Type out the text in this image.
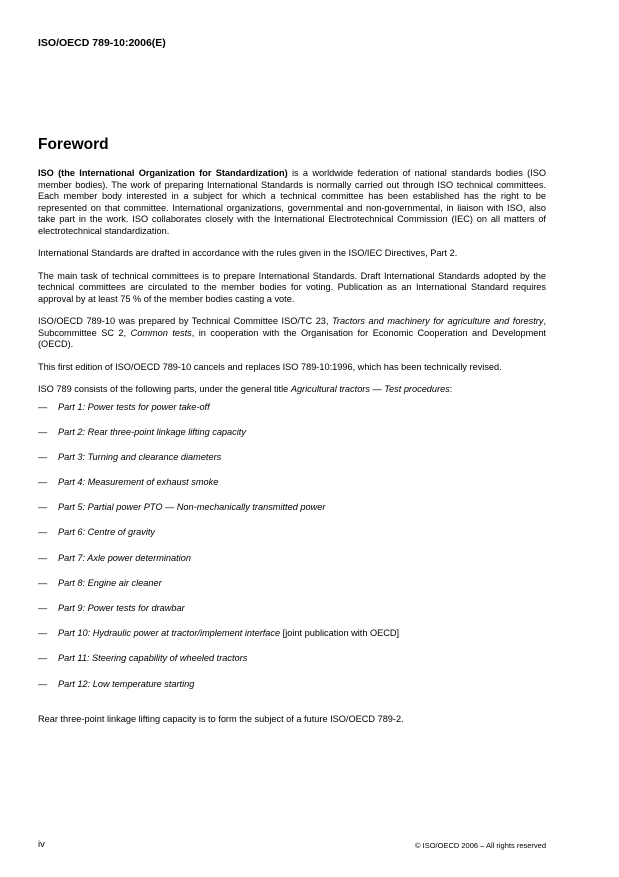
ISO/OECD 789-10:2006(E)
Foreword

ISO (the International Organization for Standardization) is a worldwide federation of national standards bodies (ISO member bodies). The work of preparing International Standards is normally carried out through ISO technical committees. Each member body interested in a subject for which a technical committee has been established has the right to be represented on that committee. International organizations, governmental and non-governmental, in liaison with ISO, also take part in the work. ISO collaborates closely with the International Electrotechnical Commission (IEC) on all matters of electrotechnical standardization.

International Standards are drafted in accordance with the rules given in the ISO/IEC Directives, Part 2.

The main task of technical committees is to prepare International Standards. Draft International Standards adopted by the technical committees are circulated to the member bodies for voting. Publication as an International Standard requires approval by at least 75 % of the member bodies casting a vote.

ISO/OECD 789-10 was prepared by Technical Committee ISO/TC 23, Tractors and machinery for agriculture and forestry, Subcommittee SC 2, Common tests, in cooperation with the Organisation for Economic Cooperation and Development (OECD).

This first edition of ISO/OECD 789-10 cancels and replaces ISO 789-10:1996, which has been technically revised.

ISO 789 consists of the following parts, under the general title Agricultural tractors — Test procedures:

—	Part 1: Power tests for power take-off
—	Part 2: Rear three-point linkage lifting capacity
—	Part 3: Turning and clearance diameters
—	Part 4: Measurement of exhaust smoke
—	Part 5: Partial power PTO — Non-mechanically transmitted power
—	Part 6: Centre of gravity
—	Part 7: Axle power determination
—	Part 8: Engine air cleaner
—	Part 9: Power tests for drawbar
—	Part 10: Hydraulic power at tractor/implement interface [joint publication with OECD]
—	Part 11: Steering capability of wheeled tractors
—	Part 12: Low temperature starting

Rear three-point linkage lifting capacity is to form the subject of a future ISO/OECD 789-2.

iv	© ISO/OECD 2006 – All rights reserved
